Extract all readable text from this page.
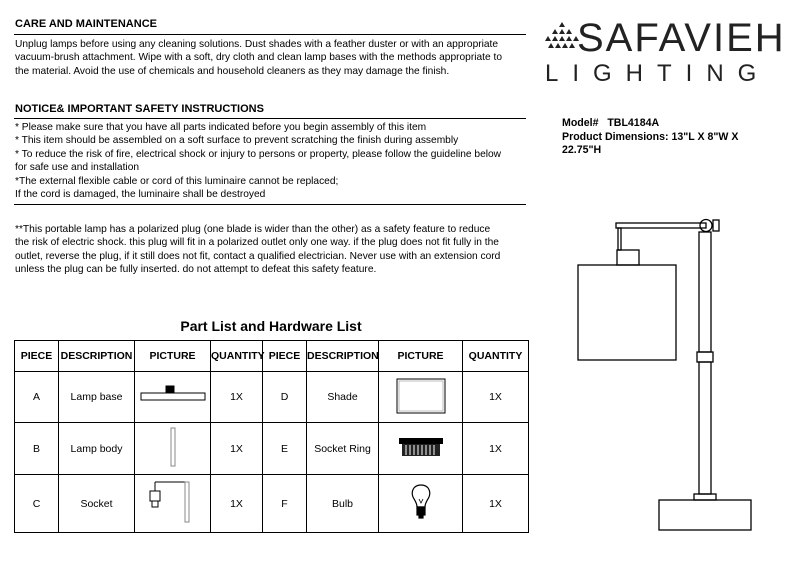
CARE AND MAINTENANCE
Unplug lamps before using any cleaning solutions. Dust shades with a feather duster or with an appropriate
vacuum-brush attachment. Wipe with a soft, dry cloth and clean lamp bases with the methods appropriate to
the material. Avoid the use of chemicals and household cleaners as they may damage the finish.
NOTICE& IMPORTANT SAFETY INSTRUCTIONS
* Please make sure that you have all parts indicated before you begin assembly of this item
* This item should be assembled on a soft surface to prevent scratching the finish during assembly
* To reduce the risk of fire, electrical shock or injury to persons or property, please follow the guideline below
for safe use and installation
*The external flexible cable or cord of this luminaire cannot be replaced;
If the cord is damaged, the luminaire shall be destroyed
**This portable lamp has a polarized plug (one blade is wider than the other) as a safety feature to reduce
the risk of electric shock. this plug will fit in a polarized outlet only one way. if the plug does not fit fully in the
outlet, reverse the plug, if it still does not fit, contact a qualified electrician. Never use with an extension cord
unless the plug can be fully inserted. do not attempt to defeat this safety feature.
SAFAVIEH
LIGHTING
Model#   TBL4184A
Product Dimensions: 13"L X 8"W X
22.75"H
Part List and Hardware List
PIECE	DESCRIPTION	PICTURE	QUANTITY	PIECE	DESCRIPTION	PICTURE	QUANTITY
A	Lamp base		1X	D	Shade		1X
B	Lamp body		1X	E	Socket Ring		1X
C	Socket		1X	F	Bulb		1X
